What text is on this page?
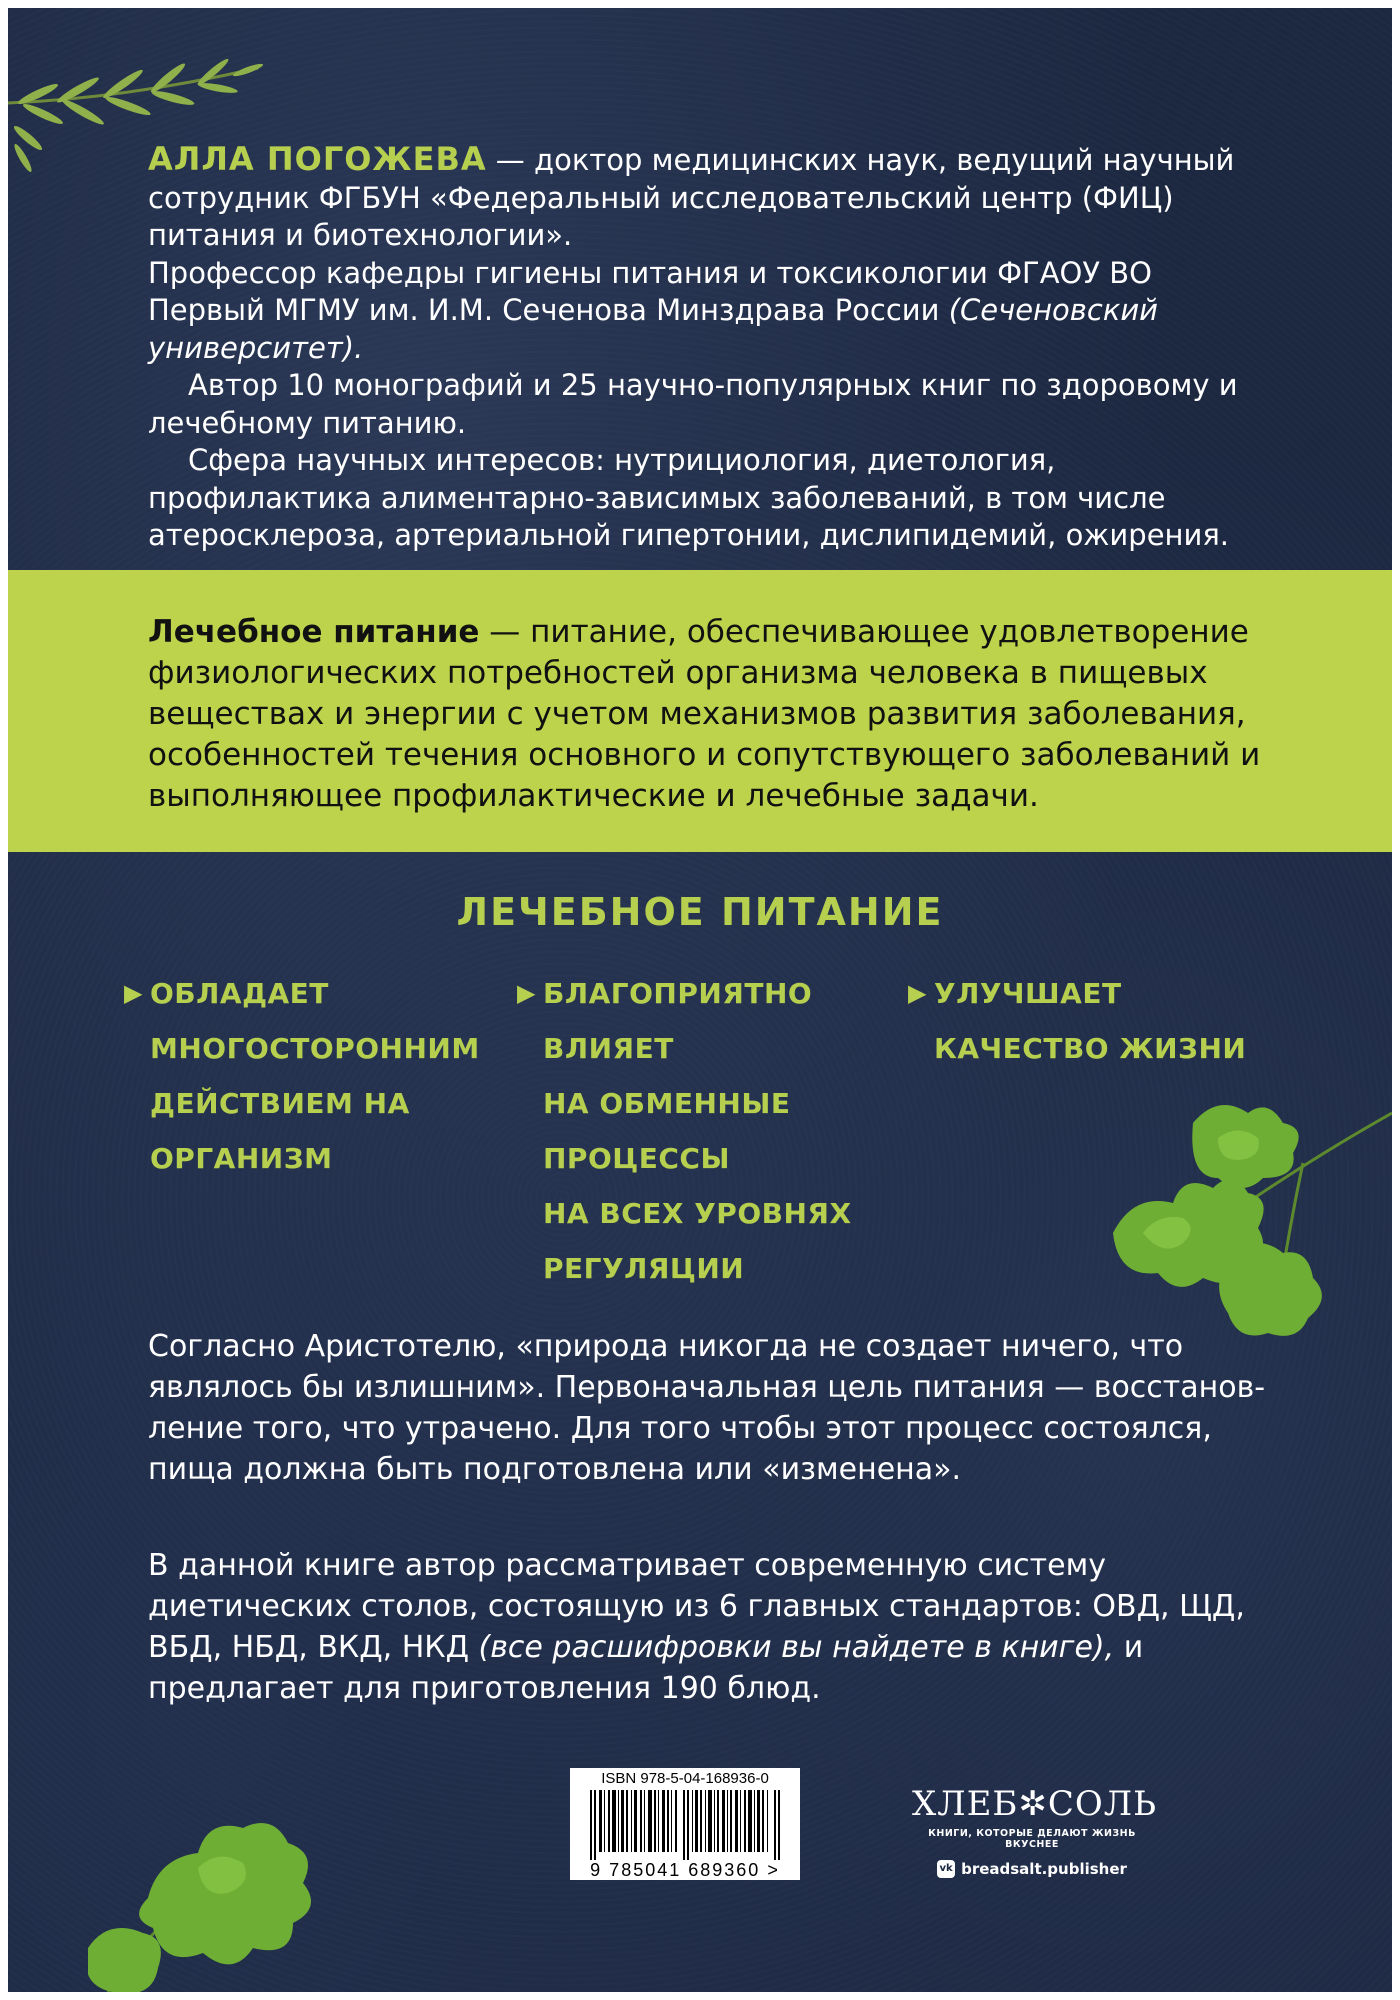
АЛЛА ПОГОЖЕВА — доктор медицинских наук, ведущий научный сотрудник ФГБУН «Федеральный исследовательский центр (ФИЦ) питания и биотехнологии».

Профессор кафедры гигиены питания и токсикологии ФГАОУ ВО Первый МГМУ им. И.М. Сеченова Минздрава России (Сеченовский университет).

Автор 10 монографий и 25 научно-популярных книг по здоровому и лечебному питанию.

Сфера научных интересов: нутрициология, диетология, профилактика алиментарно-зависимых заболеваний, в том числе атеросклероза, артериальной гипертонии, дислипидемий, ожирения.

Лечебное питание — питание, обеспечивающее удовлетворение физиологических потребностей организма человека в пищевых веществах и энергии с учетом механизмов развития заболевания, особенностей течения основного и сопутствующего заболеваний и выполняющее профилактические и лечебные задачи.
ЛЕЧЕБНОЕ ПИТАНИЕ
▶ ОБЛАДАЕТ
МНОГОСТОРОННИМ
ДЕЙСТВИЕМ НА
ОРГАНИЗМ
▶ БЛАГОПРИЯТНО
ВЛИЯЕТ
НА ОБМЕННЫЕ
ПРОЦЕССЫ
НА ВСЕХ УРОВНЯХ
РЕГУЛЯЦИИ
▶ УЛУЧШАЕТ
КАЧЕСТВО ЖИЗНИ

Согласно Аристотелю, «природа никогда не создает ничего, что являлось бы излишним». Первоначальная цель питания — восстанов-ление того, что утрачено. Для того чтобы этот процесс состоялся, пища должна быть подготовлена или «изменена».

В данной книге автор рассматривает современную систему диетических столов, состоящую из 6 главных стандартов: ОВД, ЩД, ВБД, НБД, ВКД, НКД (все расшифровки вы найдете в книге), и предлагает для приготовления 190 блюд.

ISBN 978-5-04-168936-0
9 785041 689360 >
ХЛЕБ✲СОЛЬ
КНИГИ, КОТОРЫЕ ДЕЛАЮТ ЖИЗНЬ ВКУСНЕЕ
vk breadsalt.publisher
